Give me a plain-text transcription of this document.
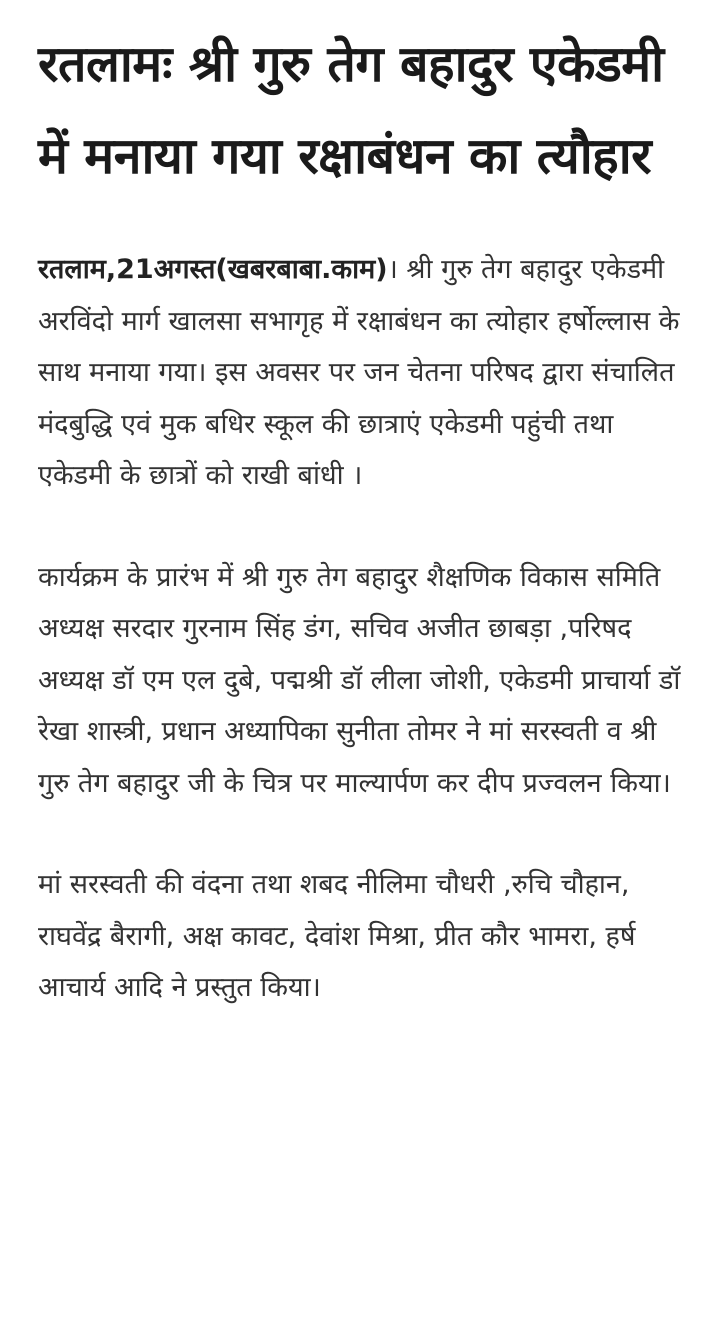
रतलामः श्री गुरु तेग बहादुर एकेडमी में मनाया गया रक्षाबंधन का त्यौहार

रतलाम,21अगस्त(खबरबाबा.काम)। श्री गुरु तेग बहादुर एकेडमी अरविंदो मार्ग खालसा सभागृह में रक्षाबंधन का त्योहार हर्षोल्लास के साथ मनाया गया। इस अवसर पर जन चेतना परिषद द्वारा संचालित मंदबुद्धि एवं मुक बधिर स्कूल की छात्राएं एकेडमी पहुंची तथा एकेडमी के छात्रों को राखी बांधी ।

कार्यक्रम के प्रारंभ में श्री गुरु तेग बहादुर शैक्षणिक विकास समिति अध्यक्ष सरदार गुरनाम सिंह डंग, सचिव अजीत छाबड़ा ,परिषद अध्यक्ष डॉ एम एल दुबे, पद्मश्री डॉ लीला जोशी, एकेडमी प्राचार्या डॉ रेखा शास्त्री, प्रधान अध्यापिका सुनीता तोमर ने मां सरस्वती व श्री गुरु तेग बहादुर जी के चित्र पर माल्यार्पण कर दीप प्रज्वलन किया।

मां सरस्वती की वंदना तथा शबद नीलिमा चौधरी ,रुचि चौहान, राघवेंद्र बैरागी, अक्ष कावट, देवांश मिश्रा, प्रीत कौर भामरा, हर्ष आचार्य आदि ने प्रस्तुत किया।
